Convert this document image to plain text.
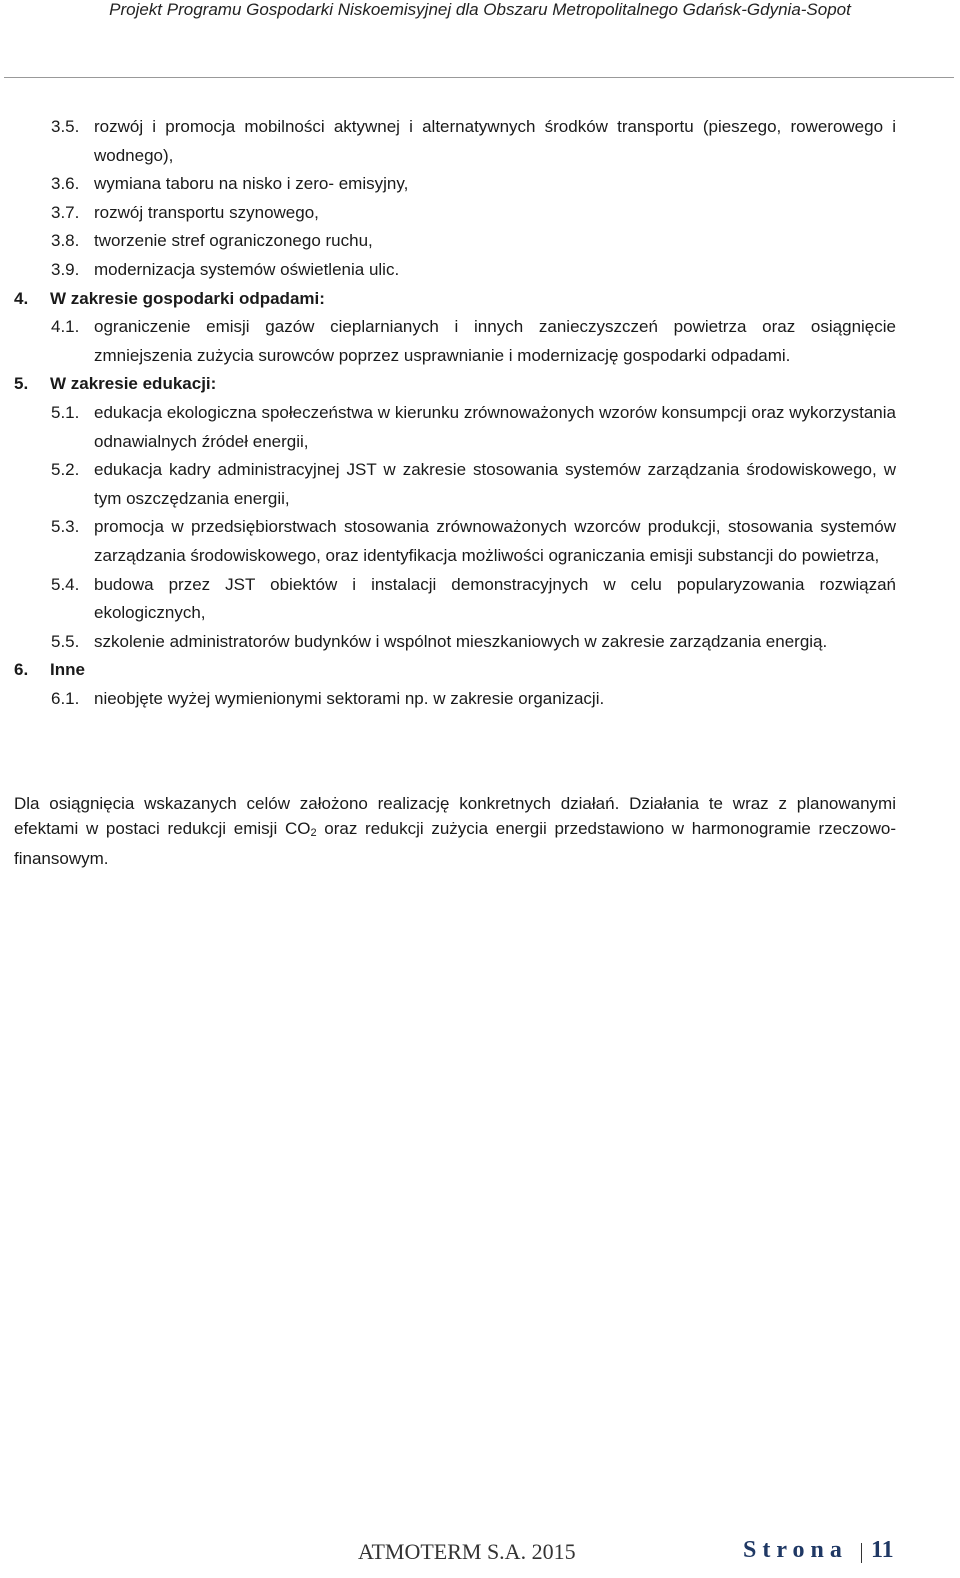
Projekt Programu Gospodarki Niskoemisyjnej dla Obszaru Metropolitalnego Gdańsk-Gdynia-Sopot
3.5. rozwój i promocja mobilności aktywnej i alternatywnych środków transportu (pieszego, rowerowego i wodnego),
3.6. wymiana taboru na nisko i zero- emisyjny,
3.7. rozwój transportu szynowego,
3.8. tworzenie stref ograniczonego ruchu,
3.9. modernizacja systemów oświetlenia ulic.
4. W zakresie gospodarki odpadami:
4.1. ograniczenie emisji gazów cieplarnianych i innych zanieczyszczeń powietrza oraz osiągnięcie zmniejszenia zużycia surowców poprzez usprawnianie i modernizację gospodarki odpadami.
5. W zakresie edukacji:
5.1. edukacja ekologiczna społeczeństwa w kierunku zrównoważonych wzorów konsumpcji oraz wykorzystania odnawialnych źródeł energii,
5.2. edukacja kadry administracyjnej JST w zakresie stosowania systemów zarządzania środowiskowego, w tym oszczędzania energii,
5.3. promocja w przedsiębiorstwach stosowania zrównoważonych wzorców produkcji, stosowania systemów zarządzania środowiskowego, oraz identyfikacja możliwości ograniczania emisji substancji do powietrza,
5.4. budowa przez JST obiektów i instalacji demonstracyjnych w celu popularyzowania rozwiązań ekologicznych,
5.5. szkolenie administratorów budynków i wspólnot mieszkaniowych w zakresie zarządzania energią.
6. Inne
6.1. nieobjęte wyżej wymienionymi sektorami np. w zakresie organizacji.
Dla osiągnięcia wskazanych celów założono realizację konkretnych działań. Działania te wraz z planowanymi efektami w postaci redukcji emisji $CO_2$ oraz redukcji zużycia energii przedstawiono w harmonogramie rzeczowo-finansowym.
ATMOTERM S.A. 2015	Strona 11
